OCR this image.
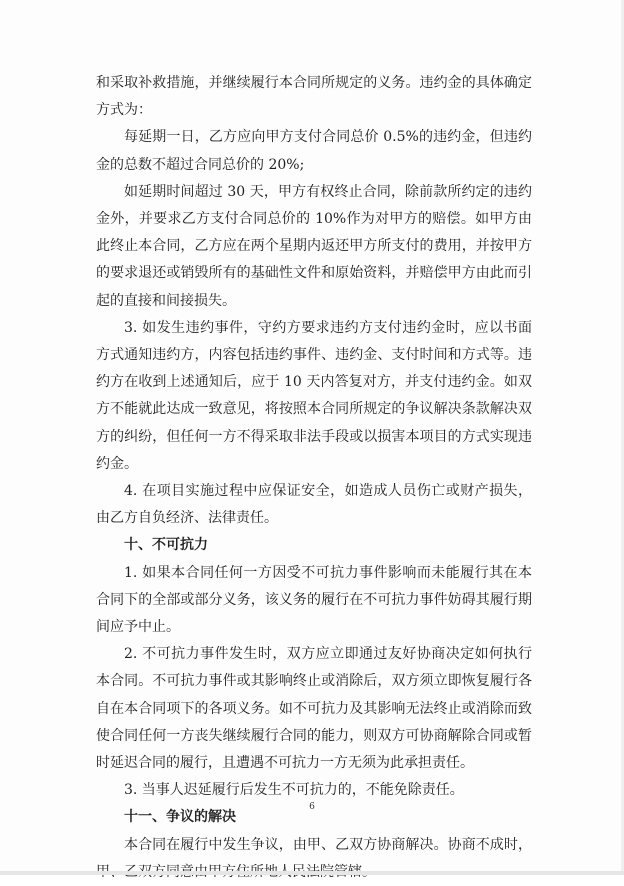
和采取补救措施，并继续履行本合同所规定的义务。违约金的具体确定方式为：

每延期一日，乙方应向甲方支付合同总价 0.5%的违约金，但违约金的总数不超过合同总价的 20%;

如延期时间超过 30 天，甲方有权终止合同，除前款所约定的违约金外，并要求乙方支付合同总价的 10%作为对甲方的赔偿。如甲方由此终止本合同，乙方应在两个星期内返还甲方所支付的费用，并按甲方的要求退还或销毁所有的基础性文件和原始资料，并赔偿甲方由此而引起的直接和间接损失。

3. 如发生违约事件，守约方要求违约方支付违约金时，应以书面方式通知违约方，内容包括违约事件、违约金、支付时间和方式等。违约方在收到上述通知后，应于 10 天内答复对方，并支付违约金。如双方不能就此达成一致意见，将按照本合同所规定的争议解决条款解决双方的纠纷，但任何一方不得采取非法手段或以损害本项目的方式实现违约金。

4. 在项目实施过程中应保证安全，如造成人员伤亡或财产损失，由乙方自负经济、法律责任。

十、不可抗力

1. 如果本合同任何一方因受不可抗力事件影响而未能履行其在本合同下的全部或部分义务，该义务的履行在不可抗力事件妨碍其履行期间应予中止。

2. 不可抗力事件发生时，双方应立即通过友好协商决定如何执行本合同。不可抗力事件或其影响终止或消除后，双方须立即恢复履行各自在本合同项下的各项义务。如不可抗力及其影响无法终止或消除而致使合同任何一方丧失继续履行合同的能力，则双方可协商解除合同或暂时延迟合同的履行，且遭遇不可抗力一方无须为此承担责任。

3. 当事人迟延履行后发生不可抗力的，不能免除责任。

十一、争议的解决

本合同在履行中发生争议，由甲、乙双方协商解决。协商不成时，

6
